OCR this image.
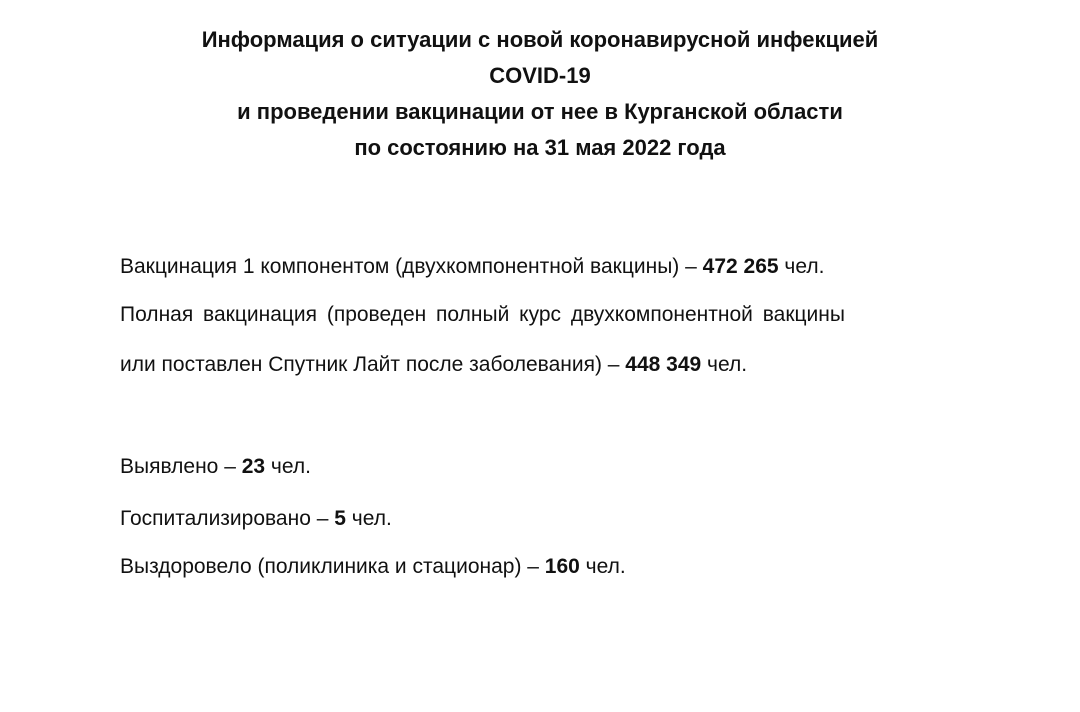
Информация о ситуации с новой коронавирусной инфекцией
COVID-19
и проведении вакцинации от нее в Курганской области
по состоянию на 31 мая 2022 года
Вакцинация 1 компонентом (двухкомпонентной вакцины) – 472 265 чел.
Полная вакцинация (проведен полный курс двухкомпонентной вакцины
или поставлен Спутник Лайт после заболевания) – 448 349 чел.
Выявлено – 23 чел.
Госпитализировано – 5 чел.
Выздоровело (поликлиника и стационар) – 160 чел.
